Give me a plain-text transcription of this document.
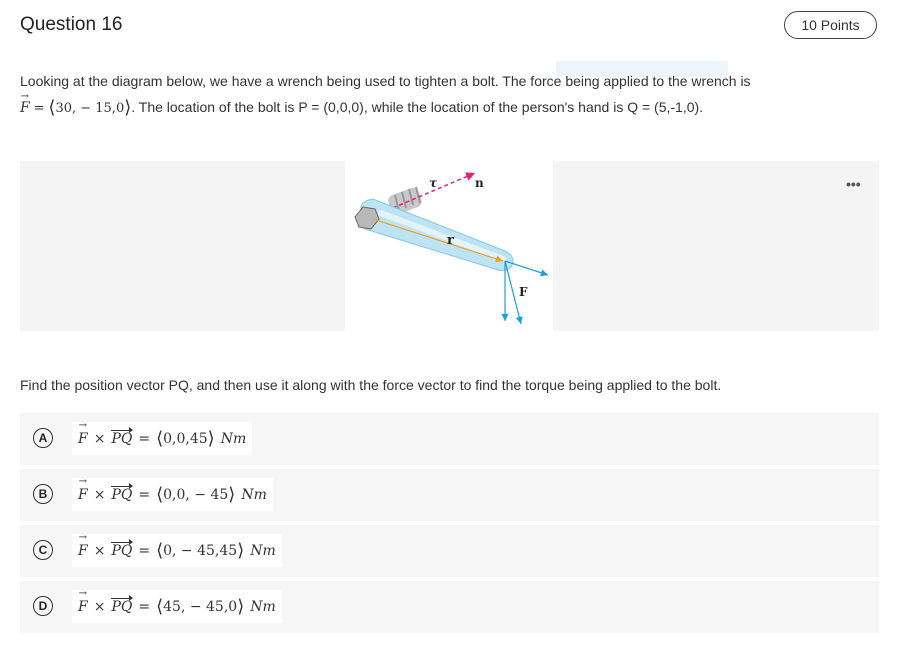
Question 16	10 Points
Looking at the diagram below, we have a wrench being used to tighten a bolt. The force being applied to the wrench is
→ F = ⟨30, − 15,0⟩. The location of the bolt is P = (0,0,0), while the location of the person's hand is Q = (5,-1,0).
•••
τ	n
r
F
Find the position vector PQ, and then use it along with the force vector to find the torque being applied to the bolt.
A	→ F × PQ = ⟨ 0,0,45 ⟩ Nm
B	→ F × PQ = ⟨ 0,0, − 45 ⟩ Nm
C	→ F × PQ = ⟨ 0, − 45,45 ⟩ Nm
D	→ F × PQ = ⟨ 45, − 45,0 ⟩ Nm
